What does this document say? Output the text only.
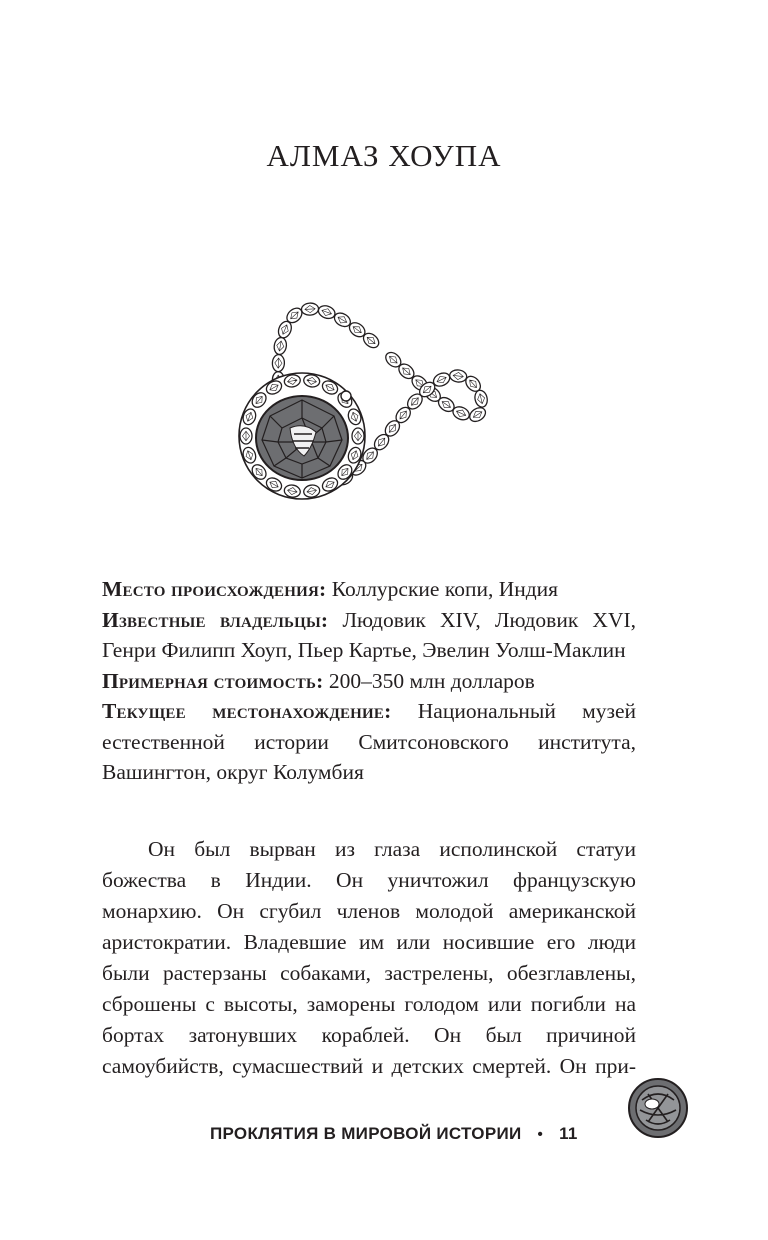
АЛМАЗ ХОУПА

Место происхождения: Коллурские копи, Индия

Известные владельцы: Людовик XIV, Людовик XVI, Генри Филипп Хоуп, Пьер Картье, Эвелин Уолш-Маклин

Примерная стоимость: 200–350 млн долларов

Текущее местонахождение: Национальный музей естественной истории Смитсоновского института, Вашингтон, округ Колумбия

Он был вырван из глаза исполинской статуи божества в Индии. Он уничтожил французскую монархию. Он сгубил членов молодой американской аристократии. Владевшие им или носившие его люди были растерзаны собаками, застрелены, обезглавлены, сброшены с высоты, заморены голодом или погибли на бортах затонувших кораблей. Он был причиной самоубийств, сумасшествий и детских смертей. Он при-

ПРОКЛЯТИЯ В МИРОВОЙ ИСТОРИИ • 11
